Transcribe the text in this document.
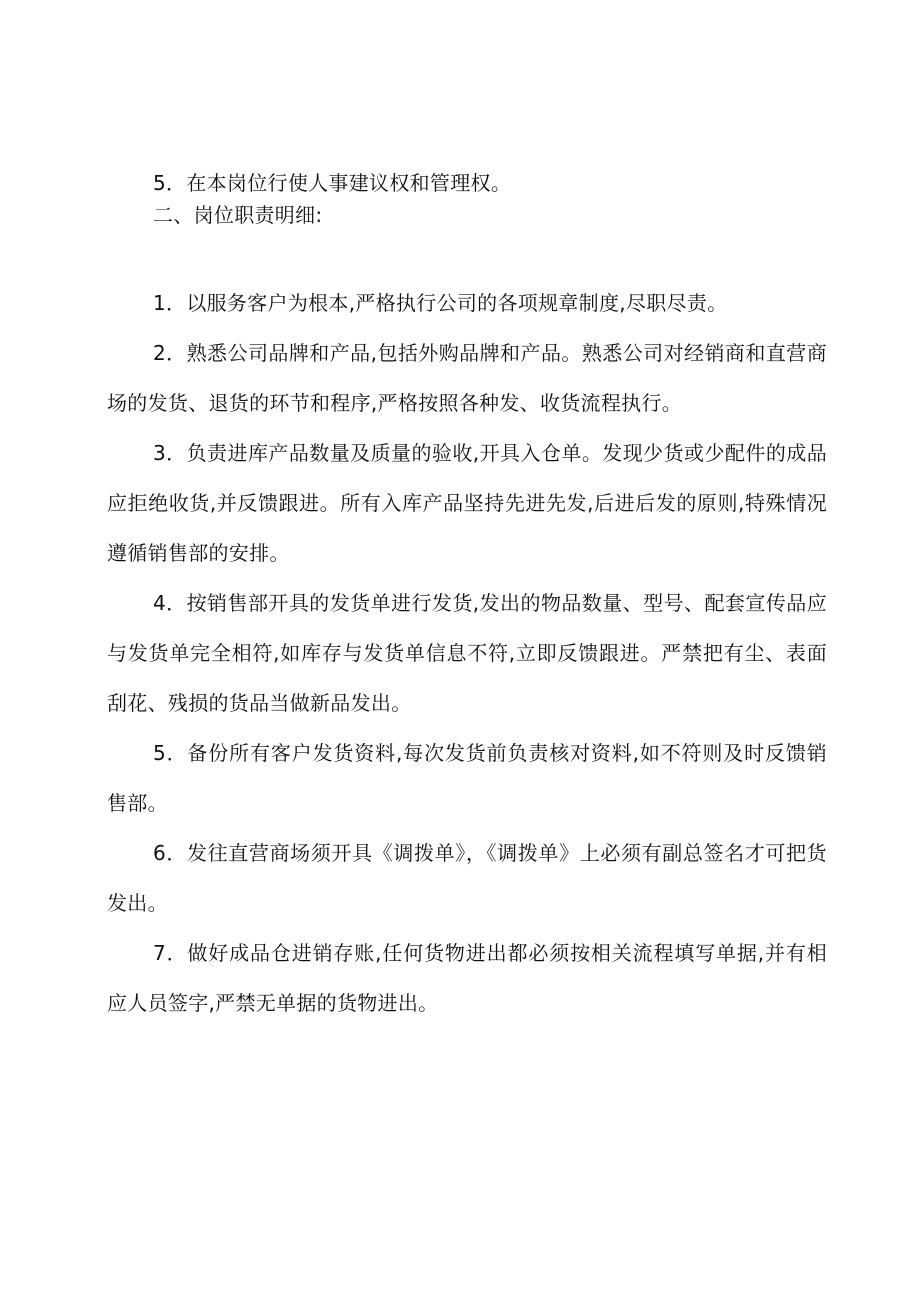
5．在本岗位行使人事建议权和管理权。
二、岗位职责明细:
1．以服务客户为根本,严格执行公司的各项规章制度,尽职尽责。
2．熟悉公司品牌和产品,包括外购品牌和产品。熟悉公司对经销商和直营商场的发货、退货的环节和程序,严格按照各种发、收货流程执行。
3．负责进库产品数量及质量的验收,开具入仓单。发现少货或少配件的成品应拒绝收货,并反馈跟进。所有入库产品坚持先进先发,后进后发的原则,特殊情况遵循销售部的安排。
4．按销售部开具的发货单进行发货,发出的物品数量、型号、配套宣传品应与发货单完全相符,如库存与发货单信息不符,立即反馈跟进。严禁把有尘、表面刮花、残损的货品当做新品发出。
5．备份所有客户发货资料,每次发货前负责核对资料,如不符则及时反馈销售部。
6．发往直营商场须开具《调拨单》，《调拨单》上必须有副总签名才可把货发出。
7．做好成品仓进销存账,任何货物进出都必须按相关流程填写单据,并有相应人员签字,严禁无单据的货物进出。
